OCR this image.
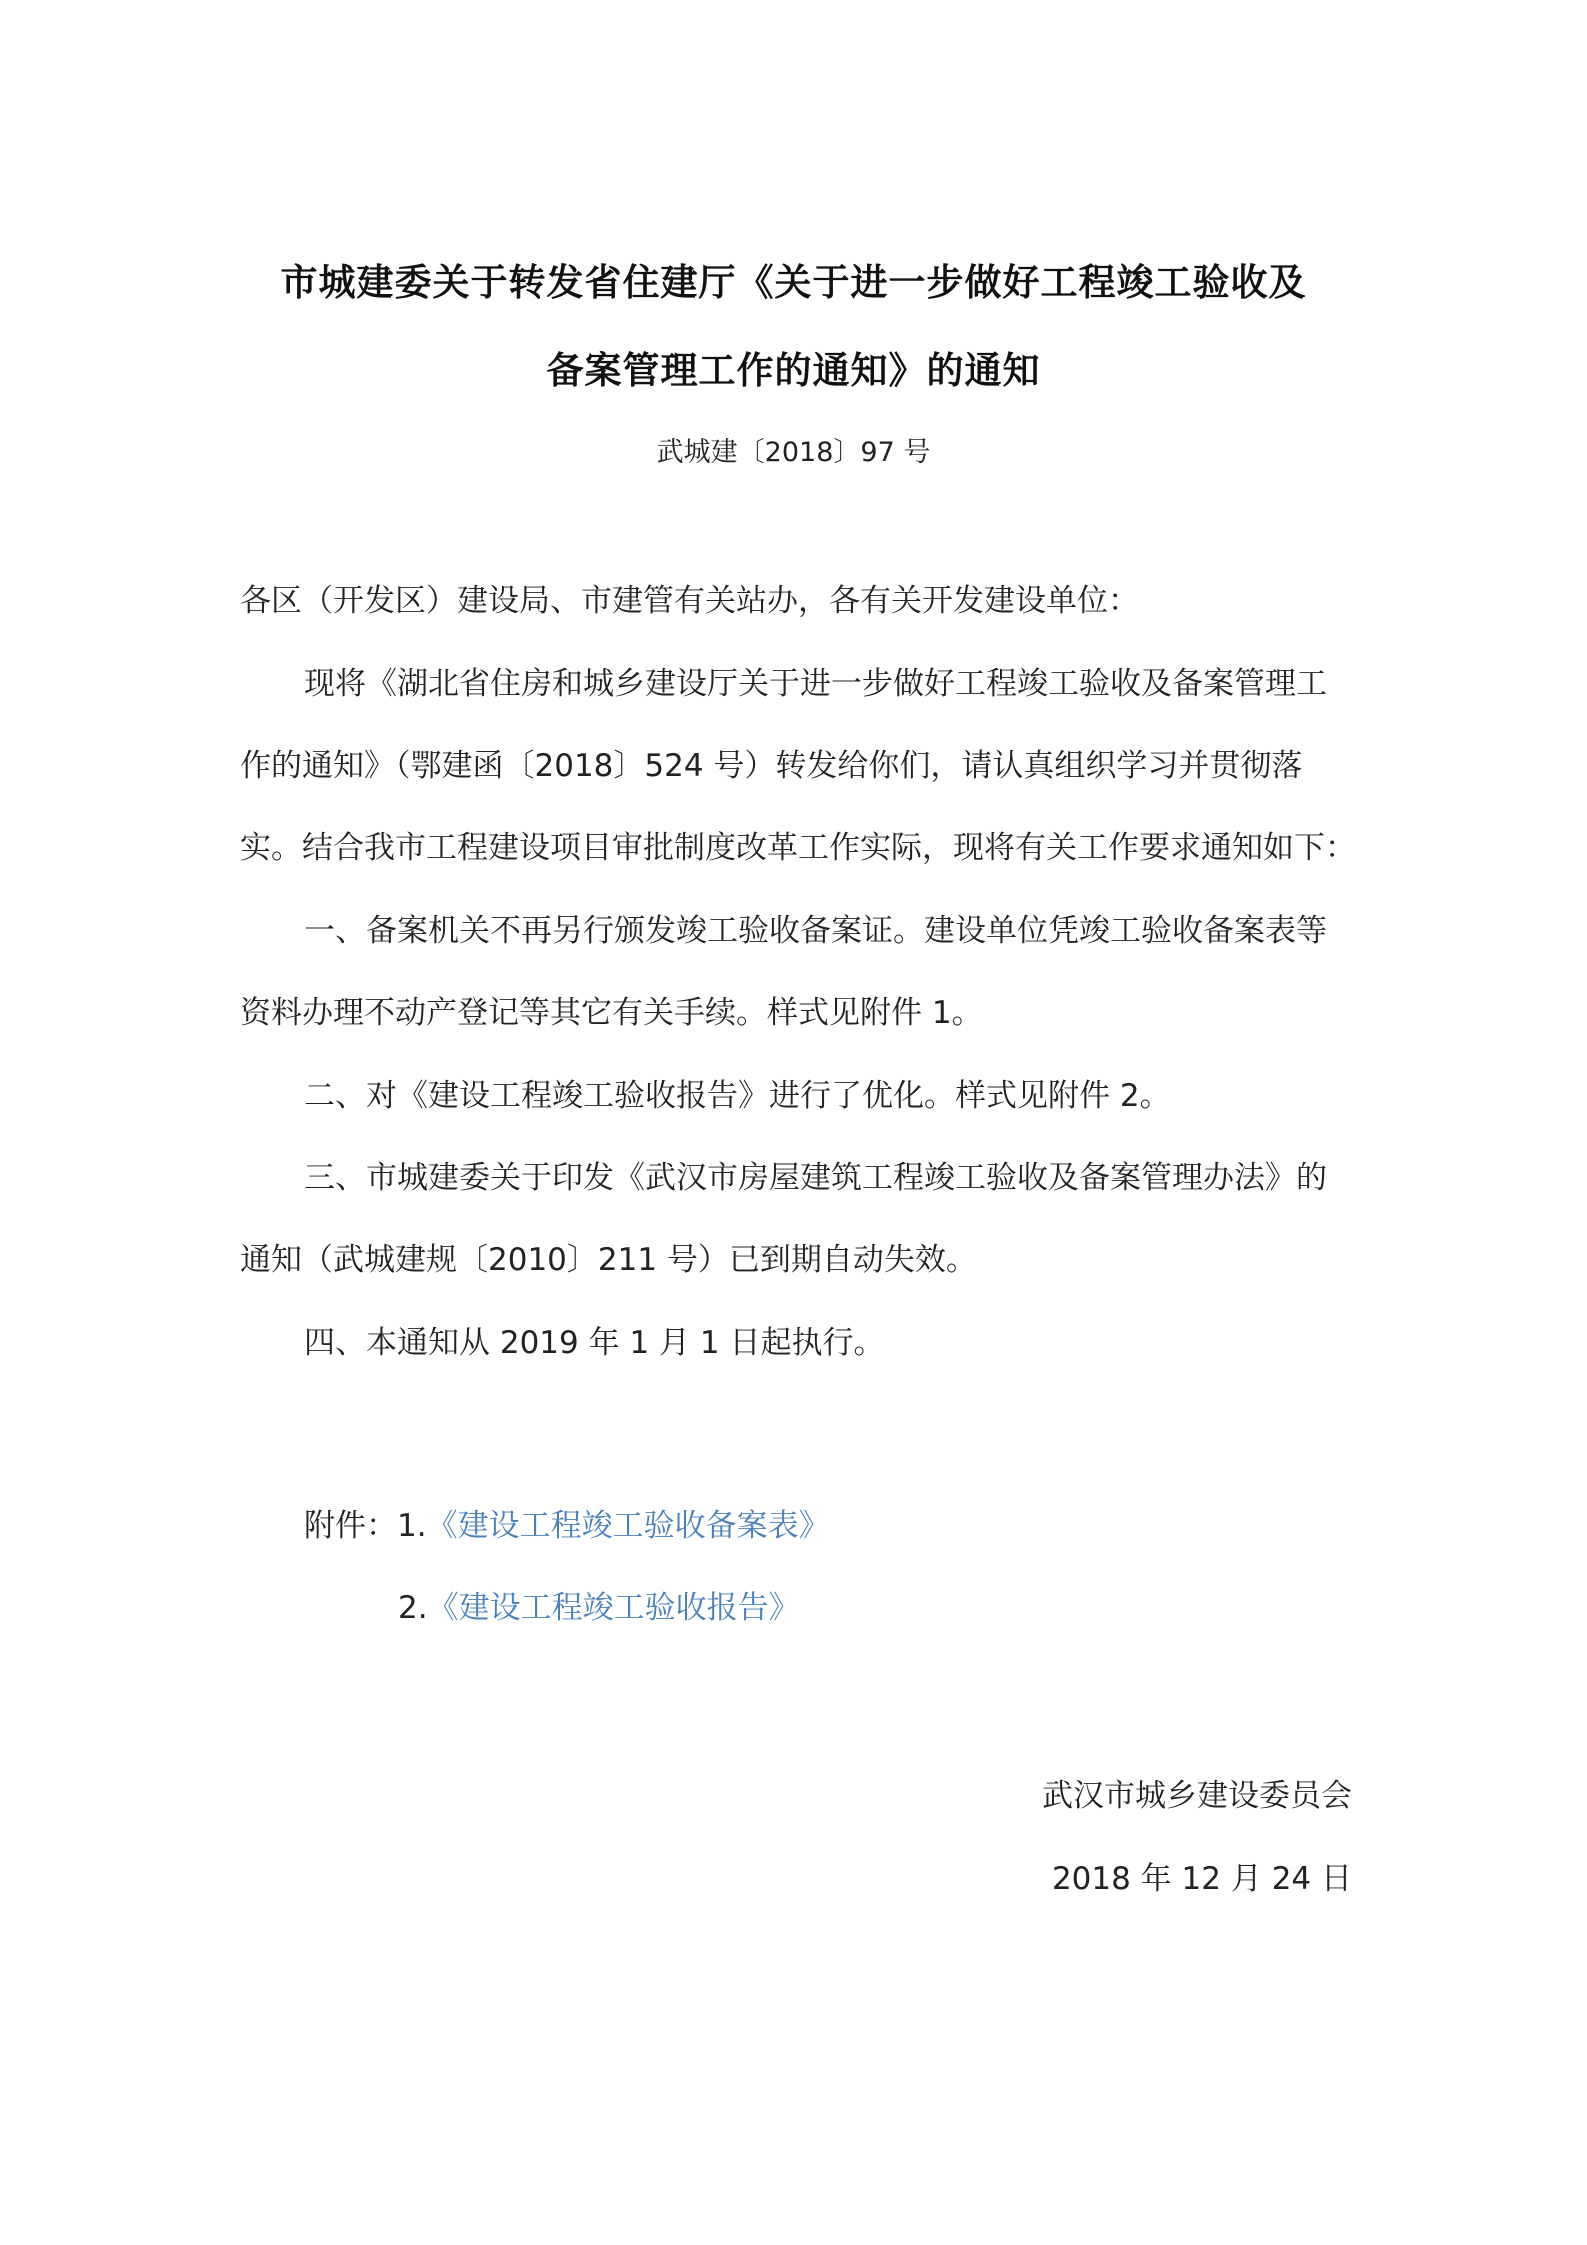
市城建委关于转发省住建厅《关于进一步做好工程竣工验收及
备案管理工作的通知》的通知
武城建〔2018〕97 号

各区（开发区）建设局、市建管有关站办，各有关开发建设单位：

现将《湖北省住房和城乡建设厅关于进一步做好工程竣工验收及备案管理工

作的通知》（鄂建函〔2018〕524 号）转发给你们，请认真组织学习并贯彻落

实。结合我市工程建设项目审批制度改革工作实际，现将有关工作要求通知如下：

一、备案机关不再另行颁发竣工验收备案证。建设单位凭竣工验收备案表等

资料办理不动产登记等其它有关手续。样式见附件 1。

二、对《建设工程竣工验收报告》进行了优化。样式见附件 2。

三、市城建委关于印发《武汉市房屋建筑工程竣工验收及备案管理办法》的

通知（武城建规〔2010〕211 号）已到期自动失效。

四、本通知从 2019 年 1 月 1 日起执行。

附件：1.《建设工程竣工验收备案表》

2.《建设工程竣工验收报告》

武汉市城乡建设委员会
2018 年 12 月 24 日
